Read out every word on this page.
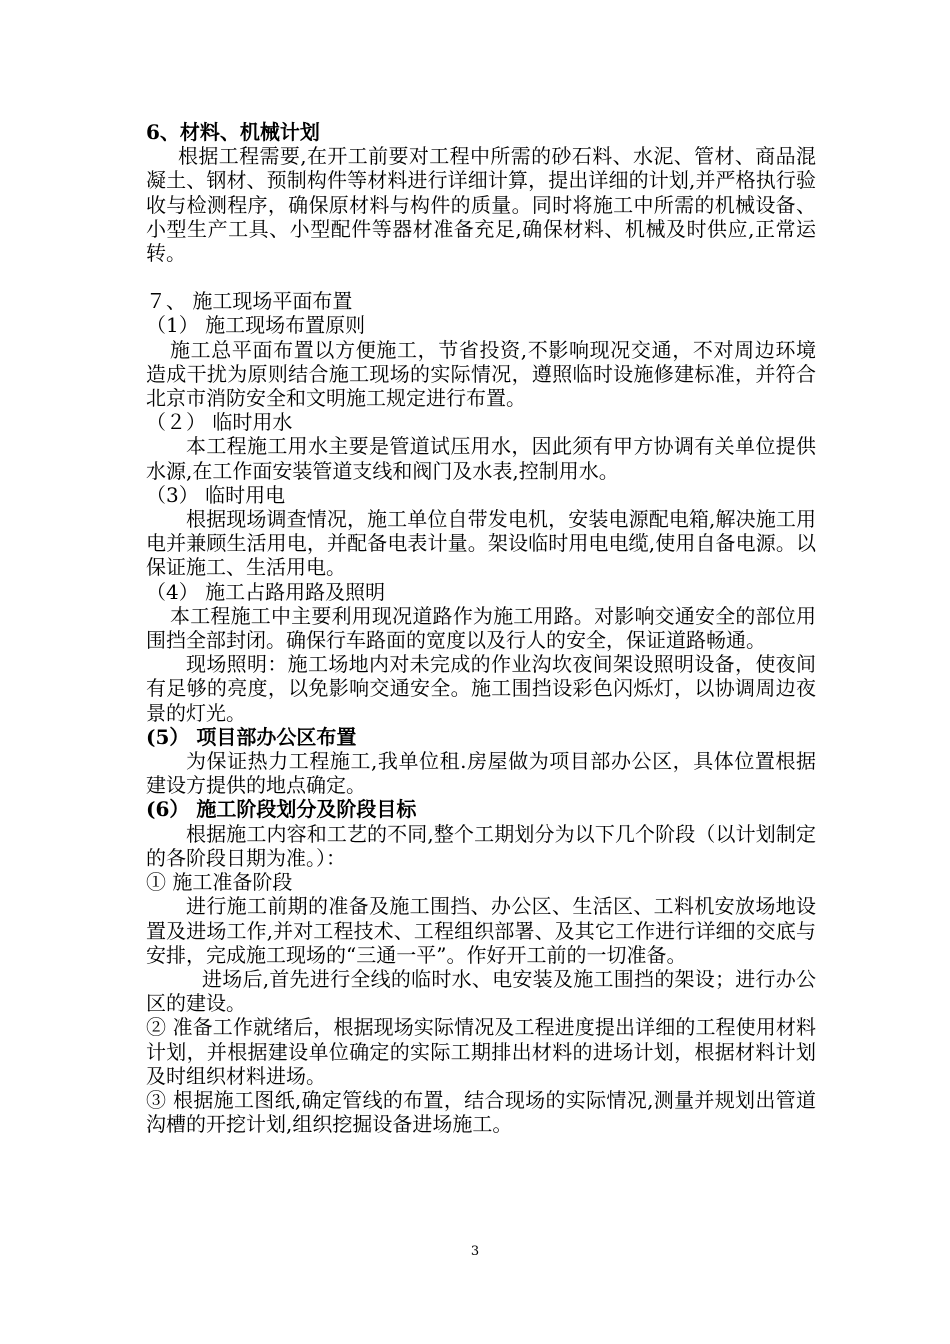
6、材料、机械计划

根据工程需要,在开工前要对工程中所需的砂石料、水泥、管材、商品混凝土、钢材、预制构件等材料进行详细计算，提出详细的计划,并严格执行验收与检测程序，确保原材料与构件的质量。同时将施工中所需的机械设备、小型生产工具、小型配件等器材准备充足,确保材料、机械及时供应,正常运转。

７、 施工现场平面布置

（1） 施工现场布置原则

施工总平面布置以方便施工，节省投资,不影响现况交通，不对周边环境造成干扰为原则结合施工现场的实际情况，遵照临时设施修建标准，并符合北京市消防安全和文明施工规定进行布置。

（２） 临时用水

本工程施工用水主要是管道试压用水，因此须有甲方协调有关单位提供水源,在工作面安装管道支线和阀门及水表,控制用水。

（3） 临时用电

根据现场调查情况，施工单位自带发电机，安装电源配电箱,解决施工用电并兼顾生活用电，并配备电表计量。架设临时用电电缆,使用自备电源。以保证施工、生活用电。

（4） 施工占路用路及照明

本工程施工中主要利用现况道路作为施工用路。对影响交通安全的部位用围挡全部封闭。确保行车路面的宽度以及行人的安全，保证道路畅通。

现场照明：施工场地内对未完成的作业沟坎夜间架设照明设备，使夜间有足够的亮度，以免影响交通安全。施工围挡设彩色闪烁灯，以协调周边夜景的灯光。

(5） 项目部办公区布置

为保证热力工程施工,我单位租.房屋做为项目部办公区，具体位置根据建设方提供的地点确定。

(6） 施工阶段划分及阶段目标

根据施工内容和工艺的不同,整个工期划分为以下几个阶段（以计划制定的各阶段日期为准。）：

① 施工准备阶段

进行施工前期的准备及施工围挡、办公区、生活区、工料机安放场地设置及进场工作,并对工程技术、工程组织部署、及其它工作进行详细的交底与安排，完成施工现场的“三通一平”。作好开工前的一切准备。

进场后,首先进行全线的临时水、电安装及施工围挡的架设；进行办公区的建设。

② 准备工作就绪后，根据现场实际情况及工程进度提出详细的工程使用材料计划，并根据建设单位确定的实际工期排出材料的进场计划，根据材料计划及时组织材料进场。

③ 根据施工图纸,确定管线的布置，结合现场的实际情况,测量并规划出管道沟槽的开挖计划,组织挖掘设备进场施工。

3
